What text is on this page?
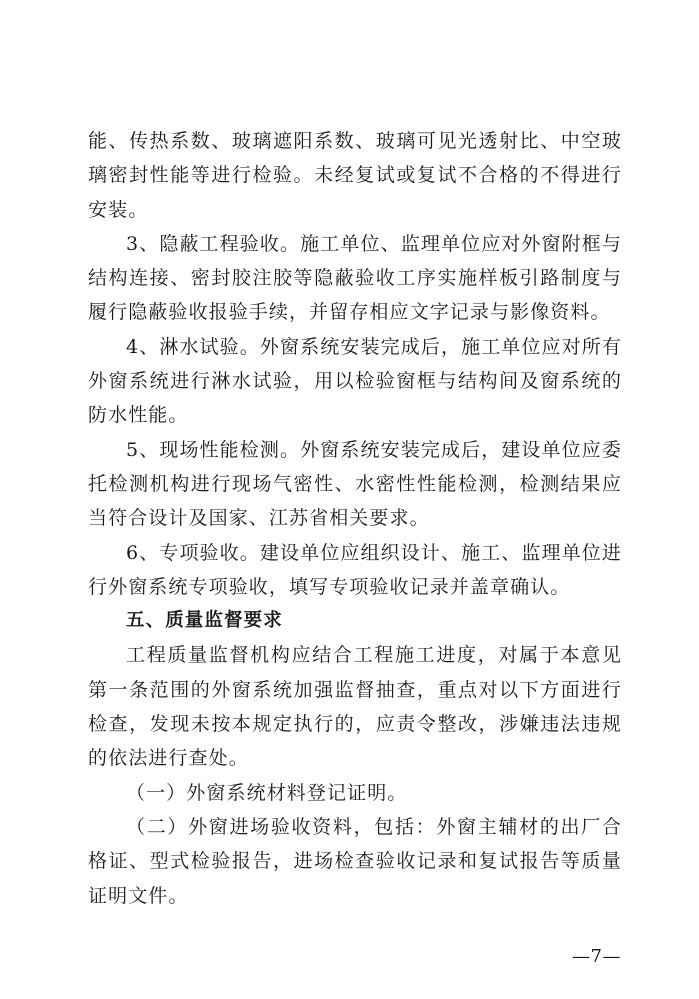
能、传热系数、玻璃遮阳系数、玻璃可见光透射比、中空玻璃密封性能等进行检验。未经复试或复试不合格的不得进行安装。

3、隐蔽工程验收。施工单位、监理单位应对外窗附框与结构连接、密封胶注胶等隐蔽验收工序实施样板引路制度与履行隐蔽验收报验手续，并留存相应文字记录与影像资料。

4、淋水试验。外窗系统安装完成后，施工单位应对所有外窗系统进行淋水试验，用以检验窗框与结构间及窗系统的防水性能。

5、现场性能检测。外窗系统安装完成后，建设单位应委托检测机构进行现场气密性、水密性性能检测，检测结果应当符合设计及国家、江苏省相关要求。

6、专项验收。建设单位应组织设计、施工、监理单位进行外窗系统专项验收，填写专项验收记录并盖章确认。

五、质量监督要求

工程质量监督机构应结合工程施工进度，对属于本意见第一条范围的外窗系统加强监督抽查，重点对以下方面进行检查，发现未按本规定执行的，应责令整改，涉嫌违法违规的依法进行查处。

（一）外窗系统材料登记证明。

（二）外窗进场验收资料，包括：外窗主辅材的出厂合格证、型式检验报告，进场检查验收记录和复试报告等质量证明文件。

—7—
